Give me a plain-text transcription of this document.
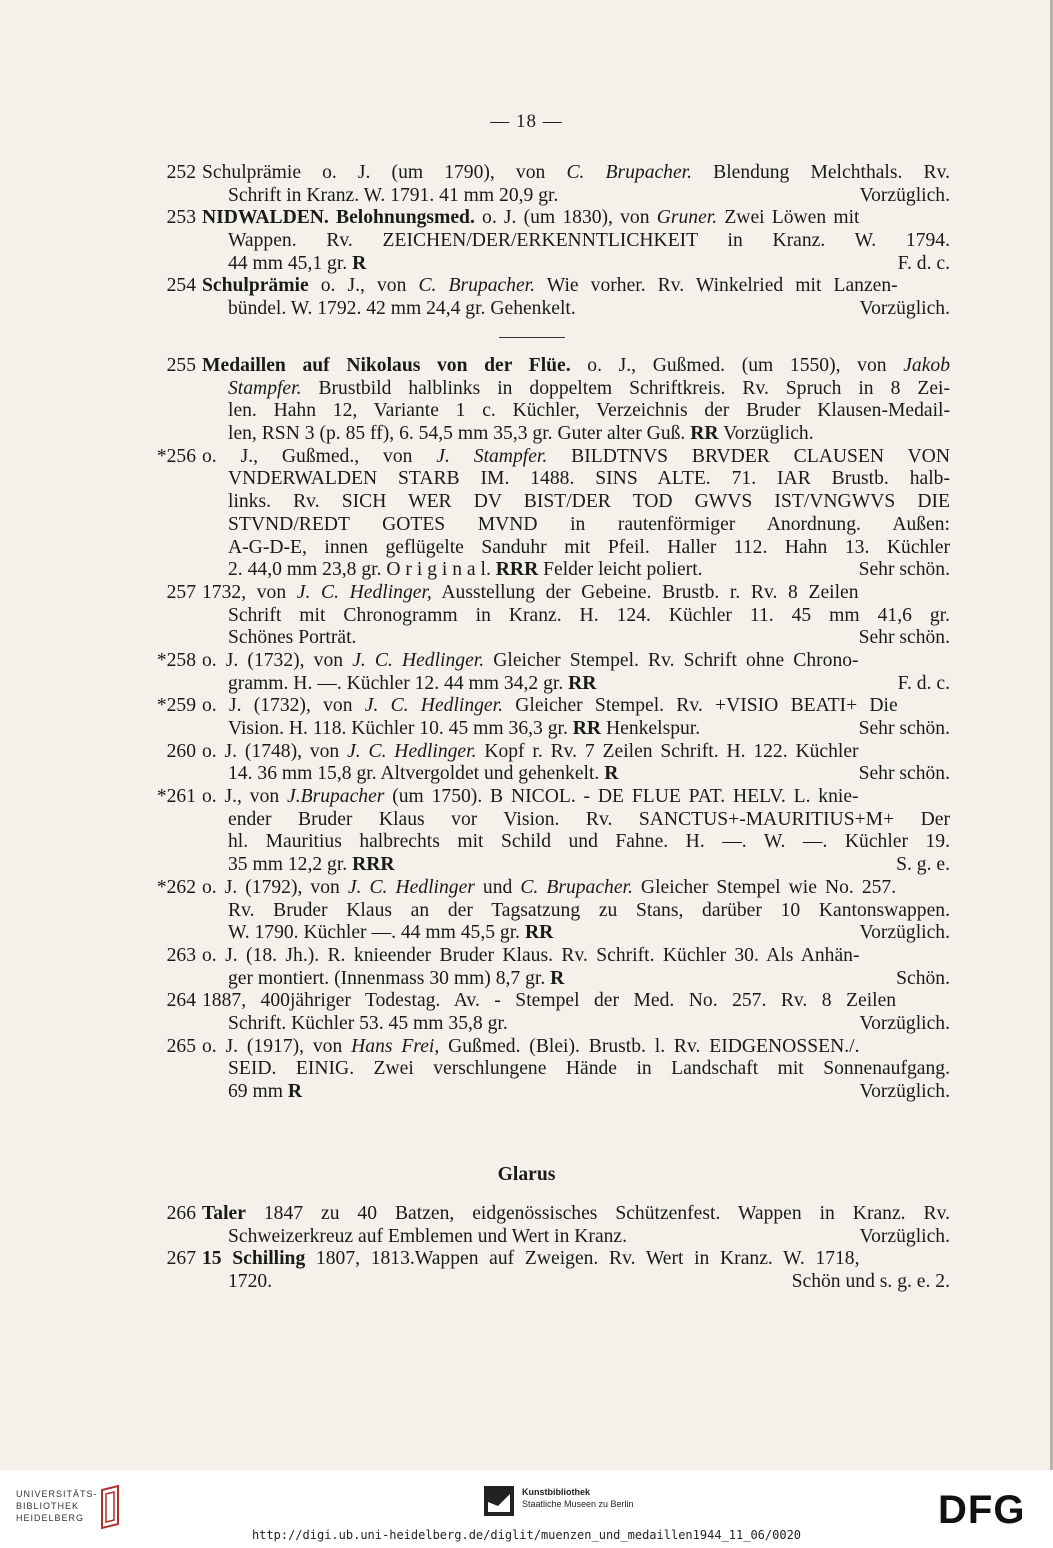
— 18 —
252 Schulprämie o. J. (um 1790), von C. Brupacher. Blendung Melchthals. Rv.
Vorzüglich.
Schrift in Kranz. W. 1791. 41 mm 20,9 gr.
253 NIDWALDEN. Belohnungsmed. o. J. (um 1830), von Gruner. Zwei Löwen mit
Wappen. Rv. ZEICHEN/DER/ERKENNTLICHKEIT in Kranz. W. 1794.
F. d. c.
44 mm 45,1 gr. R
254 Schulprämie o. J., von C. Brupacher. Wie vorher. Rv. Winkelried mit Lanzen-
Vorzüglich.
bündel. W. 1792. 42 mm 24,4 gr. Gehenkelt.
255 Medaillen auf Nikolaus von der Flüe. o. J., Gußmed. (um 1550), von Jakob
Stampfer. Brustbild halblinks in doppeltem Schriftkreis. Rv. Spruch in 8 Zei-
len. Hahn 12, Variante 1 c. Küchler, Verzeichnis der Bruder Klausen-Medail-
len, RSN 3 (p. 85 ff), 6. 54,5 mm 35,3 gr. Guter alter Guß. RR Vorzüglich.
*256 o. J., Gußmed., von J. Stampfer. BILDTNVS BRVDER CLAUSEN VON
VNDERWALDEN STARB IM. 1488. SINS ALTE. 71. IAR Brustb. halb-
links. Rv. SICH WER DV BIST/DER TOD GWVS IST/VNGWVS DIE
STVND/REDT GOTES MVND in rautenförmiger Anordnung. Außen:
A-G-D-E, innen geflügelte Sanduhr mit Pfeil. Haller 112. Hahn 13. Küchler
Sehr schön.
2. 44,0 mm 23,8 gr. O r i g i n a l. RRR Felder leicht poliert.
257 1732, von J. C. Hedlinger, Ausstellung der Gebeine. Brustb. r. Rv. 8 Zeilen
Schrift mit Chronogramm in Kranz. H. 124. Küchler 11. 45 mm 41,6 gr.
Sehr schön.
Schönes Porträt.
*258 o. J. (1732), von J. C. Hedlinger. Gleicher Stempel. Rv. Schrift ohne Chrono-
F. d. c.
gramm. H. —. Küchler 12. 44 mm 34,2 gr. RR
*259 o. J. (1732), von J. C. Hedlinger. Gleicher Stempel. Rv. +VISIO BEATI+ Die
Sehr schön.
Vision. H. 118. Küchler 10. 45 mm 36,3 gr. RR Henkelspur.
260 o. J. (1748), von J. C. Hedlinger. Kopf r. Rv. 7 Zeilen Schrift. H. 122. Küchler
Sehr schön.
14. 36 mm 15,8 gr. Altvergoldet und gehenkelt. R
*261 o. J., von J.Brupacher (um 1750). B NICOL. - DE FLUE PAT. HELV. L. knie-
ender Bruder Klaus vor Vision. Rv. SANCTUS+-MAURITIUS+M+ Der
hl. Mauritius halbrechts mit Schild und Fahne. H. —. W. —. Küchler 19.
S. g. e.
35 mm 12,2 gr. RRR
*262 o. J. (1792), von J. C. Hedlinger und C. Brupacher. Gleicher Stempel wie No. 257.
Rv. Bruder Klaus an der Tagsatzung zu Stans, darüber 10 Kantonswappen.
Vorzüglich.
W. 1790. Küchler —. 44 mm 45,5 gr. RR
263 o. J. (18. Jh.). R. knieender Bruder Klaus. Rv. Schrift. Küchler 30. Als Anhän-
Schön.
ger montiert. (Innenmass 30 mm) 8,7 gr. R
264 1887, 400jähriger Todestag. Av. - Stempel der Med. No. 257. Rv. 8 Zeilen
Vorzüglich.
Schrift. Küchler 53. 45 mm 35,8 gr.
265 o. J. (1917), von Hans Frei, Gußmed. (Blei). Brustb. l. Rv. EIDGENOSSEN./.
SEID. EINIG. Zwei verschlungene Hände in Landschaft mit Sonnenaufgang.
Vorzüglich.
69 mm R
Glarus
266 Taler 1847 zu 40 Batzen, eidgenössisches Schützenfest. Wappen in Kranz. Rv.
Vorzüglich.
Schweizerkreuz auf Emblemen und Wert in Kranz.
267 15 Schilling 1807, 1813.Wappen auf Zweigen. Rv. Wert in Kranz. W. 1718,
Schön und s. g. e. 2.
1720.
UNIVERSITÄTS-
BIBLIOTHEK
HEIDELBERG
Kunstbibliothek
Staatliche Museen zu Berlin	DFG
http://digi.ub.uni-heidelberg.de/diglit/muenzen_und_medaillen1944_11_06/0020
